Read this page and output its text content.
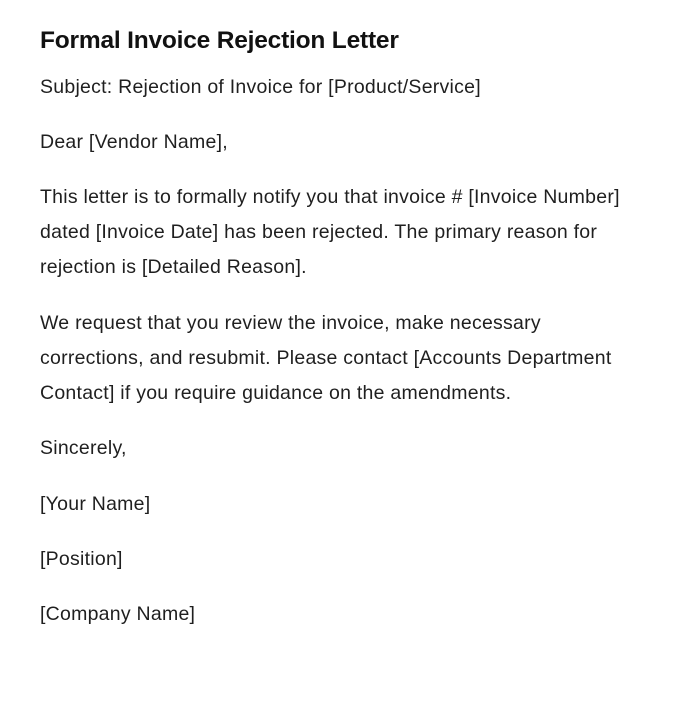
Formal Invoice Rejection Letter

Subject: Rejection of Invoice for [Product/Service]

Dear [Vendor Name],

This letter is to formally notify you that invoice # [Invoice Number] dated [Invoice Date] has been rejected. The primary reason for rejection is [Detailed Reason].

We request that you review the invoice, make necessary corrections, and resubmit. Please contact [Accounts Department Contact] if you require guidance on the amendments.

Sincerely,

[Your Name]

[Position]

[Company Name]
